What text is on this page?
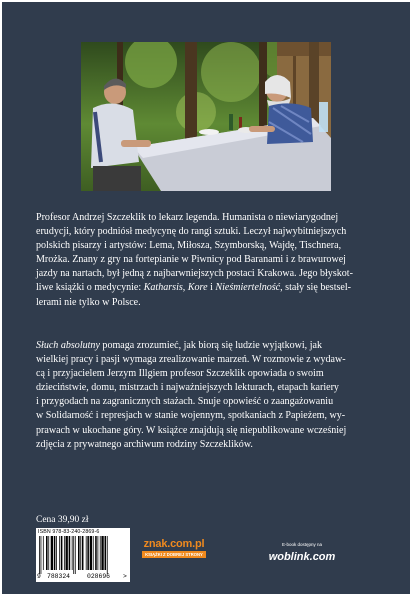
Profesor Andrzej Szczeklik to lekarz legenda. Humanista o niewiarygodnej
erudycji, który podniósł medycynę do rangi sztuki. Leczył najwybitniejszych
polskich pisarzy i artystów: Lema, Miłosza, Szymborską, Wajdę, Tischnera,
Mrożka. Znany z gry na fortepianie w Piwnicy pod Baranami i z brawurowej
jazdy na nartach, był jedną z najbarwniejszych postaci Krakowa. Jego błyskot-
liwe książki o medycynie: Katharsis, Kore i Nieśmiertelność, stały się bestsel-
lerami nie tylko w Polsce.
Słuch absolutny pomaga zrozumieć, jak biorą się ludzie wyjątkowi, jak
wielkiej pracy i pasji wymaga zrealizowanie marzeń. W rozmowie z wydaw-
cą i przyjacielem Jerzym Illgiem profesor Szczeklik opowiada o swoim
dzieciństwie, domu, mistrzach i najważniejszych lekturach, etapach kariery
i przygodach na zagranicznych stażach. Snuje opowieść o zaangażowaniu
w Solidarność i represjach w stanie wojennym, spotkaniach z Papieżem, wy-
prawach w ukochane góry. W książce znajdują się niepublikowane wcześniej
zdjęcia z prywatnego archiwum rodziny Szczeklików.
Cena 39,90 zł
ISBN 978-83-240-2869-6
9 788324	028696 >
znak.com.pl
KSIĄŻKI Z DOBREJ STRONY
E-book dostępny na
woblink.com
